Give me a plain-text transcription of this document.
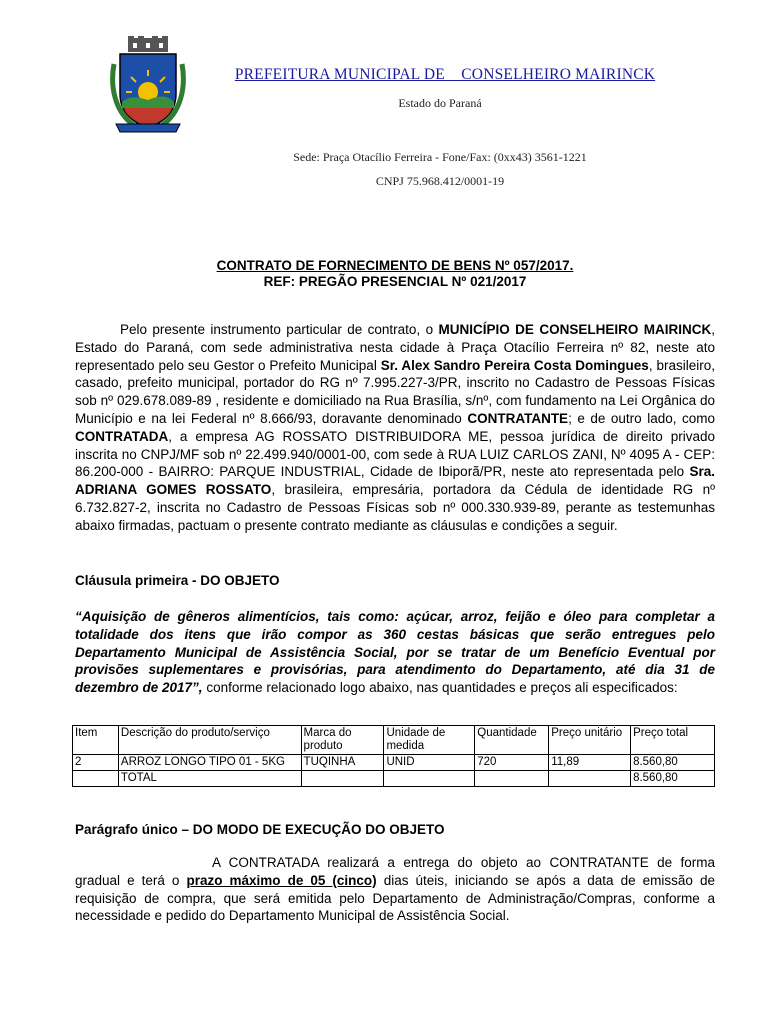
PREFEITURA MUNICIPAL DE    CONSELHEIRO MAIRINCK
Estado do Paraná
Sede: Praça Otacílio Ferreira - Fone/Fax: (0xx43) 3561-1221
CNPJ 75.968.412/0001-19
CONTRATO DE FORNECIMENTO DE BENS Nº 057/2017.
REF: PREGÃO PRESENCIAL Nº 021/2017
Pelo presente instrumento particular de contrato, o MUNICÍPIO DE CONSELHEIRO MAIRINCK, Estado do Paraná, com sede administrativa nesta cidade à Praça Otacílio Ferreira nº 82, neste ato representado pelo seu Gestor o Prefeito Municipal Sr. Alex Sandro Pereira Costa Domingues, brasileiro, casado, prefeito municipal, portador do RG nº 7.995.227-3/PR, inscrito no Cadastro de Pessoas Físicas sob nº 029.678.089-89 , residente e domiciliado na Rua Brasília, s/nº, com fundamento na Lei Orgânica do Município e na lei Federal nº 8.666/93, doravante denominado CONTRATANTE; e de outro lado, como CONTRATADA, a empresa AG ROSSATO DISTRIBUIDORA ME, pessoa jurídica de direito privado inscrita no CNPJ/MF sob nº 22.499.940/0001-00, com sede à RUA LUIZ CARLOS ZANI, Nº 4095 A - CEP: 86.200-000 - BAIRRO: PARQUE INDUSTRIAL, Cidade de Ibiporã/PR, neste ato representada pelo Sra. ADRIANA GOMES ROSSATO, brasileira, empresária, portadora da Cédula de identidade RG nº 6.732.827-2, inscrita no Cadastro de Pessoas Físicas sob nº 000.330.939-89, perante as testemunhas abaixo firmadas, pactuam o presente contrato mediante as cláusulas e condições a seguir.
Cláusula primeira - DO OBJETO
“Aquisição de gêneros alimentícios, tais como: açúcar, arroz, feijão e óleo para completar a totalidade dos itens que irão compor as 360 cestas básicas que serão entregues pelo Departamento Municipal de Assistência Social, por se tratar de um Benefício Eventual por provisões suplementares e provisórias, para atendimento do Departamento, até dia 31 de dezembro de 2017”, conforme relacionado logo abaixo, nas quantidades e preços ali especificados:
Item	Descrição do produto/serviço	Marca do produto	Unidade de medida	Quantidade	Preço unitário	Preço total
2	ARROZ LONGO TIPO 01 - 5KG	TUQINHA	UNID	720	11,89	8.560,80
	TOTAL					8.560,80
Parágrafo único – DO MODO DE EXECUÇÃO DO OBJETO
A CONTRATADA realizará a entrega do objeto ao CONTRATANTE de forma gradual e terá o prazo máximo de 05 (cinco) dias úteis, iniciando se após a data de emissão de requisição de compra, que será emitida pelo Departamento de Administração/Compras, conforme a necessidade e pedido do Departamento Municipal de Assistência Social.
